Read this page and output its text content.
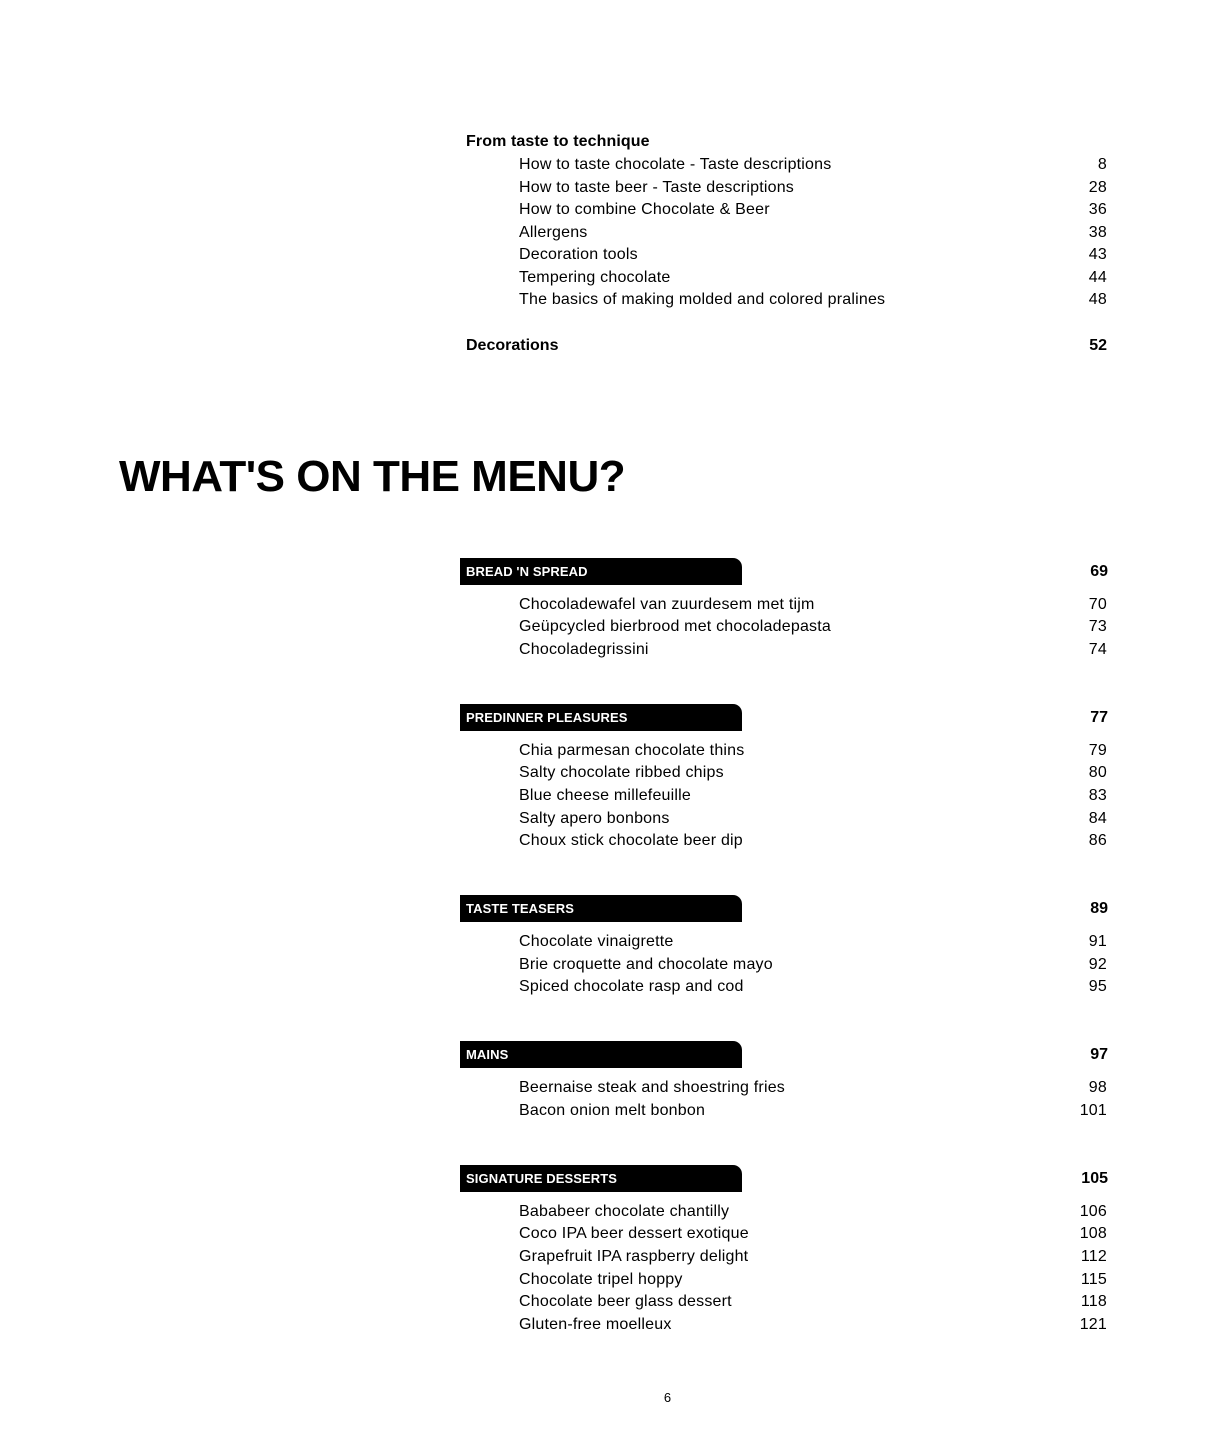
From taste to technique
How to taste chocolate - Taste descriptions	8
How to taste beer - Taste descriptions	28
How to combine Chocolate & Beer	36
Allergens	38
Decoration tools	43
Tempering chocolate	44
The basics of making molded and colored pralines	48
Decorations	52
WHAT'S ON THE MENU?
BREAD 'N SPREAD	69
Chocoladewafel van zuurdesem met tijm	70
Geüpcycled bierbrood met chocoladepasta	73
Chocoladegrissini	74
PREDINNER PLEASURES	77
Chia parmesan chocolate thins	79
Salty chocolate ribbed chips	80
Blue cheese millefeuille	83
Salty apero bonbons	84
Choux stick chocolate beer dip	86
TASTE TEASERS	89
Chocolate vinaigrette	91
Brie croquette and chocolate mayo	92
Spiced chocolate rasp and cod	95
MAINS	97
Beernaise steak and shoestring fries	98
Bacon onion melt bonbon	101
SIGNATURE DESSERTS	105
Bababeer chocolate chantilly	106
Coco IPA beer dessert exotique	108
Grapefruit IPA raspberry delight	112
Chocolate tripel hoppy	115
Chocolate beer glass dessert	118
Gluten-free moelleux	121
6
